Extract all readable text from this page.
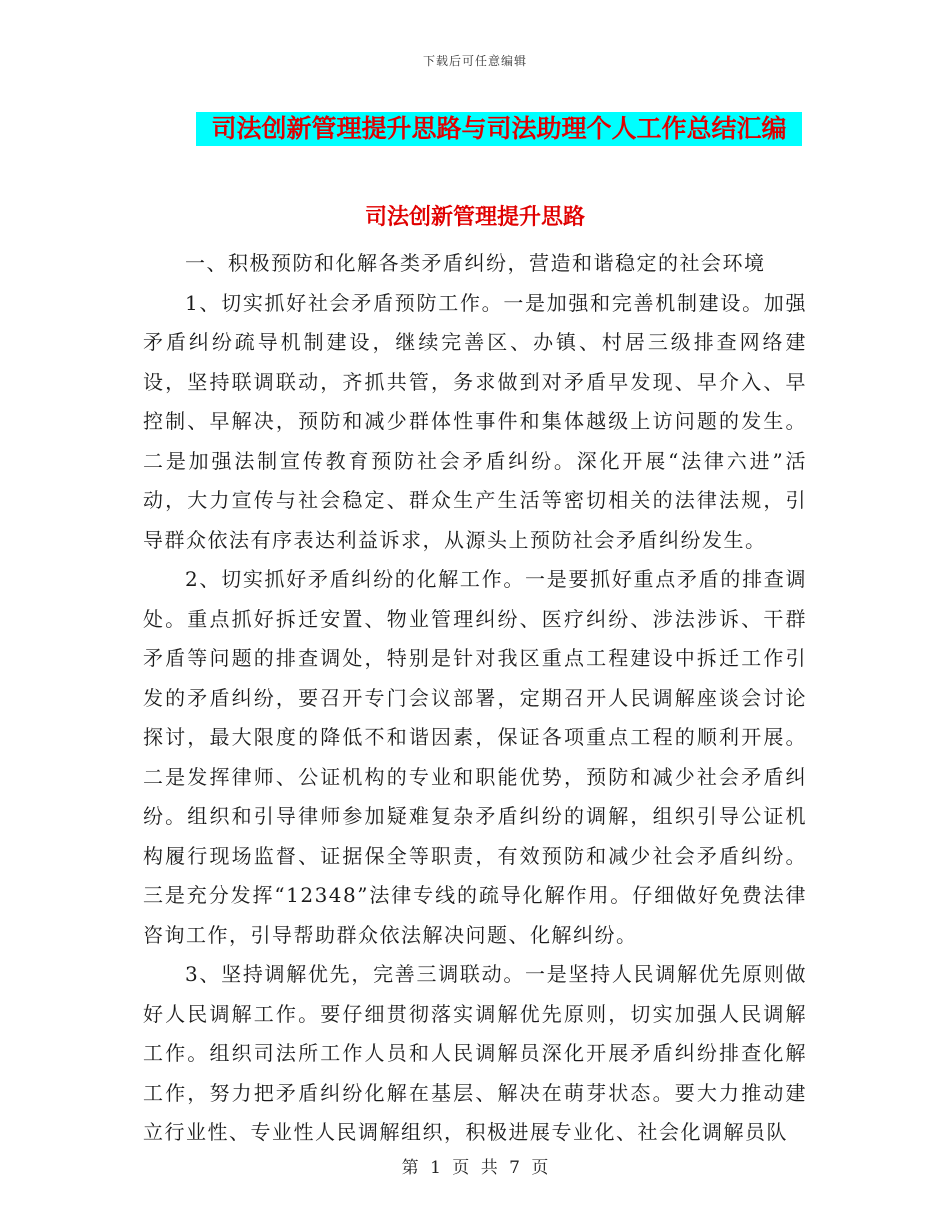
下载后可任意编辑
司法创新管理提升思路与司法助理个人工作总结汇编
司法创新管理提升思路

一、积极预防和化解各类矛盾纠纷，营造和谐稳定的社会环境

1、切实抓好社会矛盾预防工作。一是加强和完善机制建设。加强矛盾纠纷疏导机制建设，继续完善区、办镇、村居三级排查网络建设，坚持联调联动，齐抓共管，务求做到对矛盾早发现、早介入、早控制、早解决，预防和减少群体性事件和集体越级上访问题的发生。二是加强法制宣传教育预防社会矛盾纠纷。深化开展“法律六进”活动，大力宣传与社会稳定、群众生产生活等密切相关的法律法规，引导群众依法有序表达利益诉求，从源头上预防社会矛盾纠纷发生。

2、切实抓好矛盾纠纷的化解工作。一是要抓好重点矛盾的排查调处。重点抓好拆迁安置、物业管理纠纷、医疗纠纷、涉法涉诉、干群矛盾等问题的排查调处，特别是针对我区重点工程建设中拆迁工作引发的矛盾纠纷，要召开专门会议部署，定期召开人民调解座谈会讨论探讨，最大限度的降低不和谐因素，保证各项重点工程的顺利开展。二是发挥律师、公证机构的专业和职能优势，预防和减少社会矛盾纠纷。组织和引导律师参加疑难复杂矛盾纠纷的调解，组织引导公证机构履行现场监督、证据保全等职责，有效预防和减少社会矛盾纠纷。三是充分发挥“12348”法律专线的疏导化解作用。仔细做好免费法律咨询工作，引导帮助群众依法解决问题、化解纠纷。

3、坚持调解优先，完善三调联动。一是坚持人民调解优先原则做好人民调解工作。要仔细贯彻落实调解优先原则，切实加强人民调解工作。组织司法所工作人员和人民调解员深化开展矛盾纠纷排查化解工作，努力把矛盾纠纷化解在基层、解决在萌芽状态。要大力推动建立行业性、专业性人民调解组织，积极进展专业化、社会化调解员队

第 1 页 共 7 页
